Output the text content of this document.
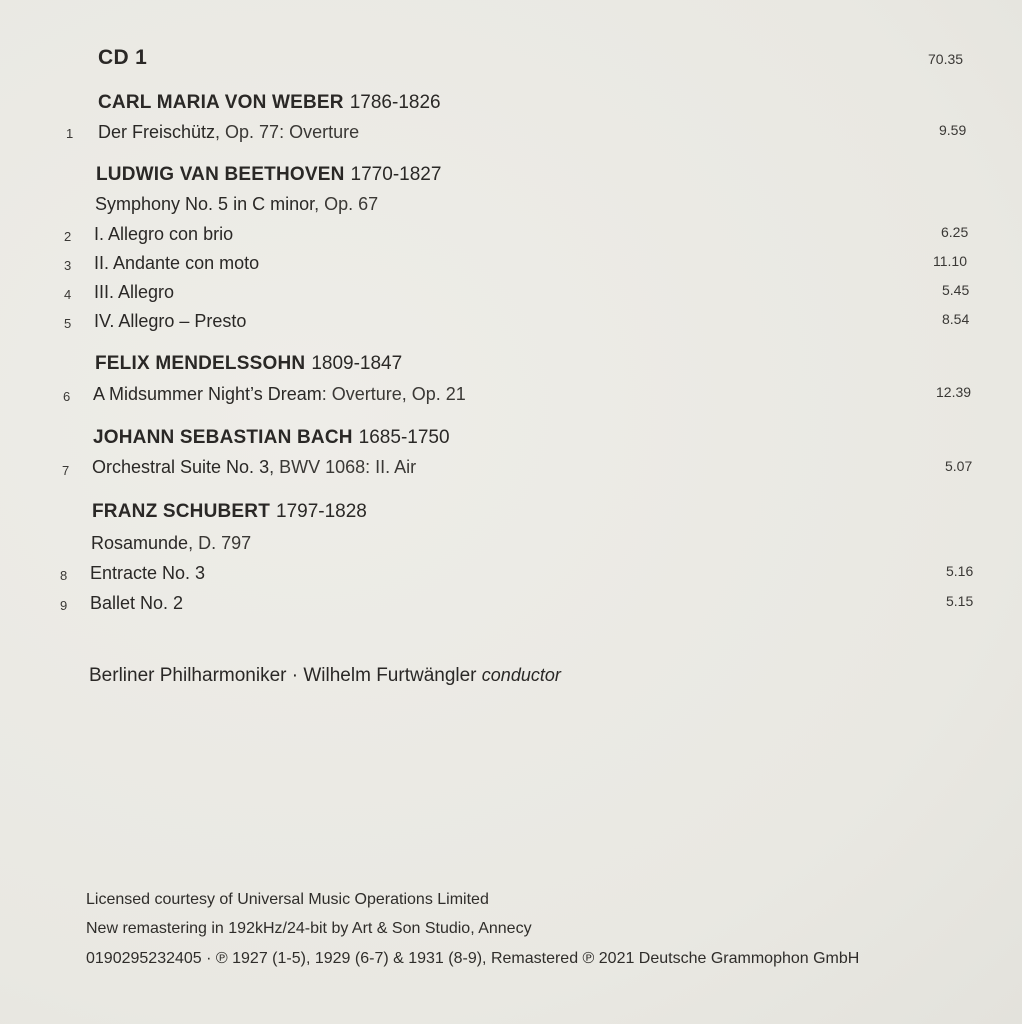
CD 1	70.35
CARL MARIA VON WEBER 1786-1826
1 Der Freischütz, Op. 77: Overture	9.59
LUDWIG VAN BEETHOVEN 1770-1827
Symphony No. 5 in C minor, Op. 67
2 I. Allegro con brio	6.25
3 II. Andante con moto	11.10
4 III. Allegro	5.45
5 IV. Allegro – Presto	8.54
FELIX MENDELSSOHN 1809-1847
6 A Midsummer Night’s Dream: Overture, Op. 21	12.39
JOHANN SEBASTIAN BACH 1685-1750
7 Orchestral Suite No. 3, BWV 1068: II. Air	5.07
FRANZ SCHUBERT 1797-1828
Rosamunde, D. 797
8 Entracte No. 3	5.16
9 Ballet No. 2	5.15
Berliner Philharmoniker · Wilhelm Furtwängler conductor
Licensed courtesy of Universal Music Operations Limited
New remastering in 192kHz/24-bit by Art & Son Studio, Annecy
0190295232405 · ℗ 1927 (1-5), 1929 (6-7) & 1931 (8-9), Remastered ℗ 2021 Deutsche Grammophon GmbH
